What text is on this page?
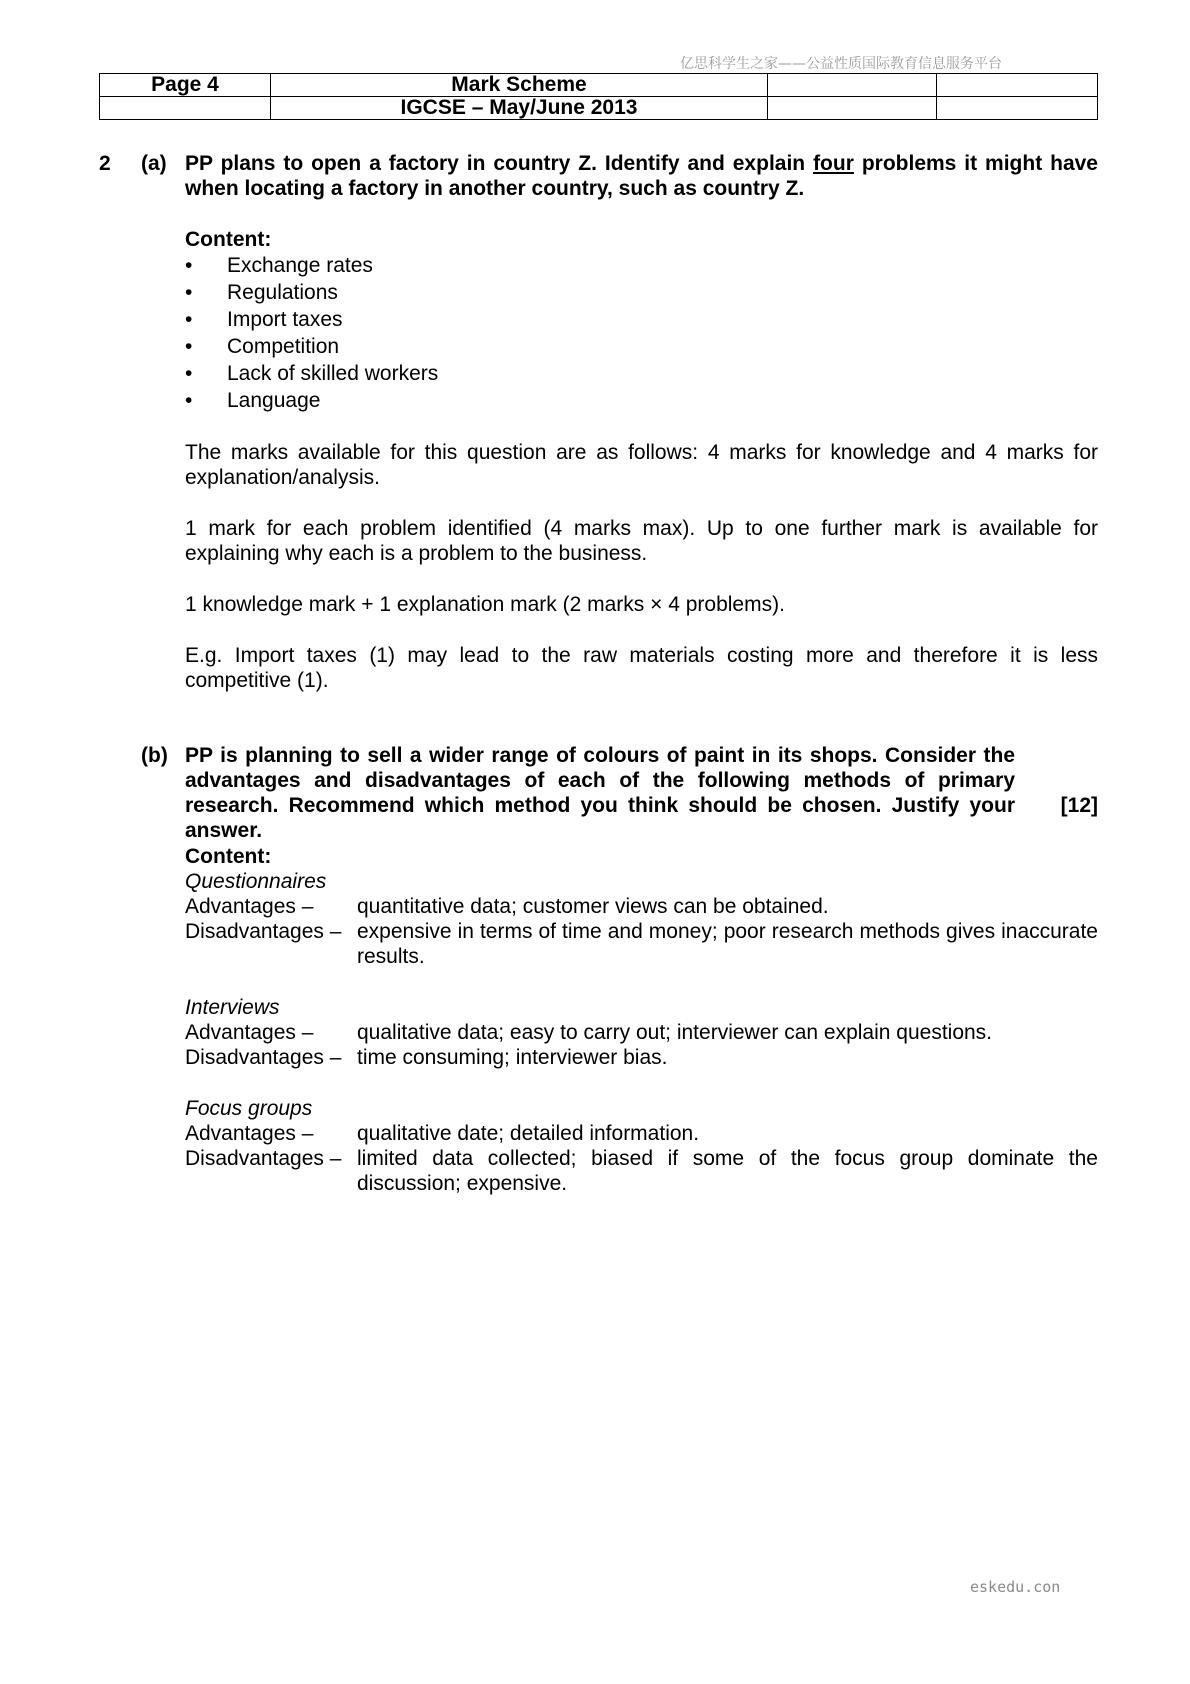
亿思科学生之家——公益性质国际教育信息服务平台
Page 4	Mark Scheme		
	IGCSE – May/June 2013		
2 (a) PP plans to open a factory in country Z. Identify and explain four problems it might have when locating a factory in another country, such as country Z.
Content:
• Exchange rates
• Regulations
• Import taxes
• Competition
• Lack of skilled workers
• Language

The marks available for this question are as follows: 4 marks for knowledge and 4 marks for explanation/analysis.

1 mark for each problem identified (4 marks max). Up to one further mark is available for explaining why each is a problem to the business.

1 knowledge mark + 1 explanation mark (2 marks × 4 problems).

E.g. Import taxes (1) may lead to the raw materials costing more and therefore it is less competitive (1).

(b) PP is planning to sell a wider range of colours of paint in its shops. Consider the advantages and disadvantages of each of the following methods of primary research. Recommend which method you think should be chosen. Justify your answer.
[12]
Content:
Questionnaires
Advantages – quantitative data; customer views can be obtained.
Disadvantages – expensive in terms of time and money; poor research methods gives inaccurate results.
Interviews
Advantages – qualitative data; easy to carry out; interviewer can explain questions.
Disadvantages – time consuming; interviewer bias.
Focus groups
Advantages – qualitative date; detailed information.
Disadvantages – limited data collected; biased if some of the focus group dominate the discussion; expensive.
eskedu.con
